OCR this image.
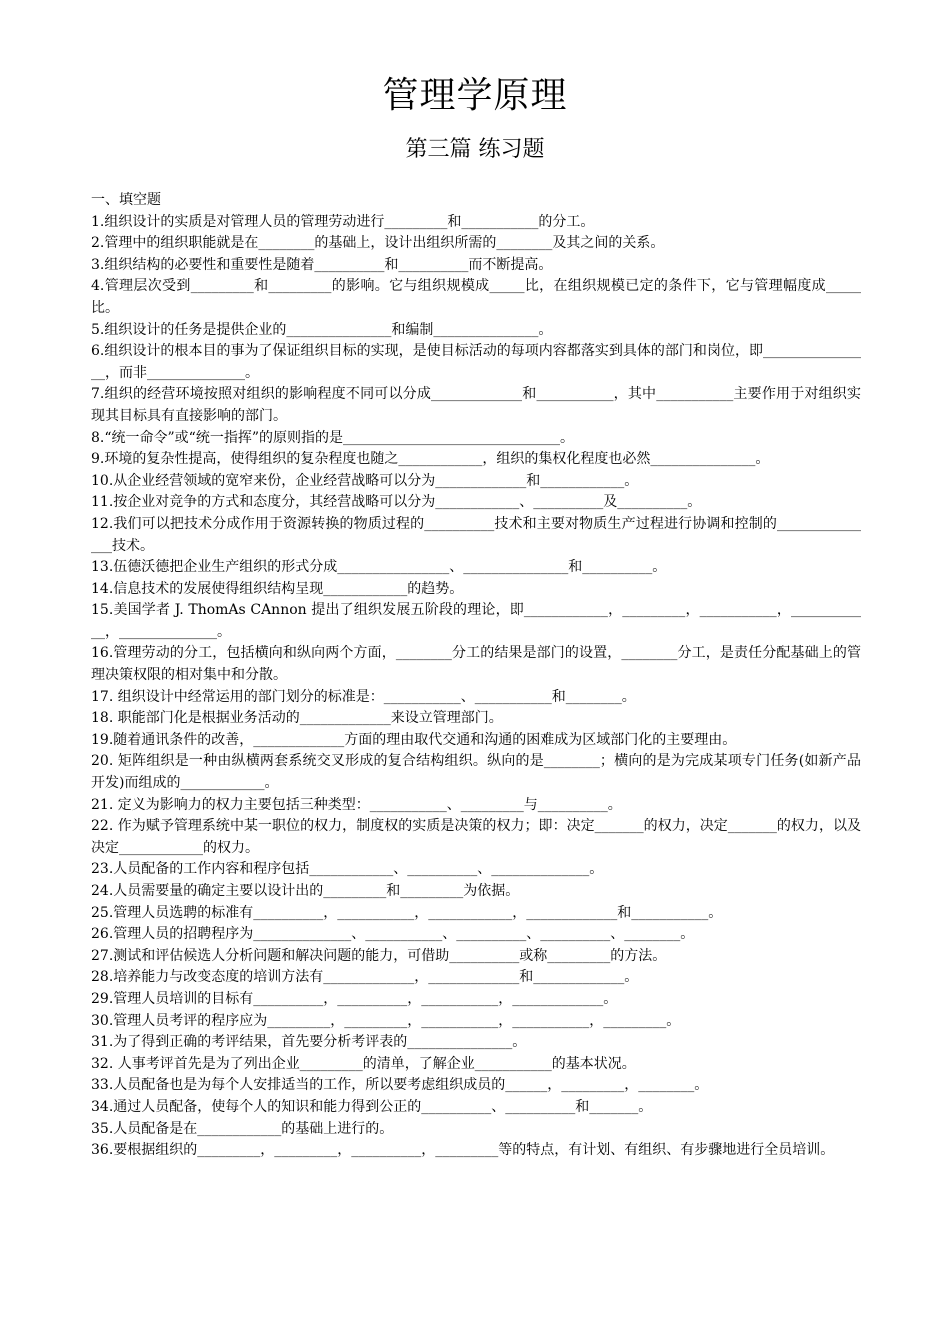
管理学原理
第三篇 练习题

一、填空题

1.组织设计的实质是对管理人员的管理劳动进行_________和___________的分工。

2.管理中的组织职能就是在________的基础上，设计出组织所需的________及其之间的关系。

3.组织结构的必要性和重要性是随着__________和__________而不断提高。

4.管理层次受到_________和_________的影响。它与组织规模成_____比，在组织规模已定的条件下，它与管理幅度成_____比。

5.组织设计的任务是提供企业的_______________和编制_______________。

6.组织设计的根本目的事为了保证组织目标的实现，是使目标活动的每项内容都落实到具体的部门和岗位，即________________，而非______________。

7.组织的经营环境按照对组织的影响程度不同可以分成_____________和___________，其中___________主要作用于对组织实现其目标具有直接影响的部门。

8.“统一命令”或“统一指挥”的原则指的是_______________________________。

9.环境的复杂性提高，使得组织的复杂程度也随之____________，组织的集权化程度也必然_______________。

10.从企业经营领域的宽窄来份，企业经营战略可以分为_____________和____________。

11.按企业对竞争的方式和态度分，其经营战略可以分为____________、__________及__________。

12.我们可以把技术分成作用于资源转换的物质过程的__________技术和主要对物质生产过程进行协调和控制的_______________技术。

13.伍德沃德把企业生产组织的形式分成________________、_______________和__________。

14.信息技术的发展使得组织结构呈现____________的趋势。

15.美国学者 J. ThomAs CAnnon 提出了组织发展五阶段的理论，即____________，_________，___________，____________，______________。

16.管理劳动的分工，包括横向和纵向两个方面，________分工的结果是部门的设置，________分工，是责任分配基础上的管理决策权限的相对集中和分散。

17. 组织设计中经常运用的部门划分的标准是：___________、___________和________。

18. 职能部门化是根据业务活动的_____________来设立管理部门。

19.随着通讯条件的改善，_____________方面的理由取代交通和沟通的困难成为区域部门化的主要理由。

20. 矩阵组织是一种由纵横两套系统交叉形成的复合结构组织。纵向的是________；横向的是为完成某项专门任务(如新产品开发)而组成的____________。

21. 定义为影响力的权力主要包括三种类型：___________、_________与__________。

22. 作为赋予管理系统中某一职位的权力，制度权的实质是决策的权力；即：决定_______的权力，决定_______的权力，以及决定____________的权力。

23.人员配备的工作内容和程序包括____________、__________、______________。

24.人员需要量的确定主要以设计出的_________和_________为依据。

25.管理人员选聘的标准有__________，___________，____________，_____________和___________。

26.管理人员的招聘程序为______________、___________、__________、__________、________。

27.测试和评估候选人分析问题和解决问题的能力，可借助__________或称_________的方法。

28.培养能力与改变态度的培训方法有_____________，_____________和_____________。

29.管理人员培训的目标有__________，__________，___________，_____________。

30.管理人员考评的程序应为_________，_________，___________，___________，_________。

31.为了得到正确的考评结果，首先要分析考评表的_______________。

32. 人事考评首先是为了列出企业_________的清单，了解企业___________的基本状况。

33.人员配备也是为每个人安排适当的工作，所以要考虑组织成员的______，_________，________。

34.通过人员配备，使每个人的知识和能力得到公正的__________、__________和_______。

35.人员配备是在____________的基础上进行的。

36.要根据组织的_________，_________，__________，_________等的特点，有计划、有组织、有步骤地进行全员培训。
